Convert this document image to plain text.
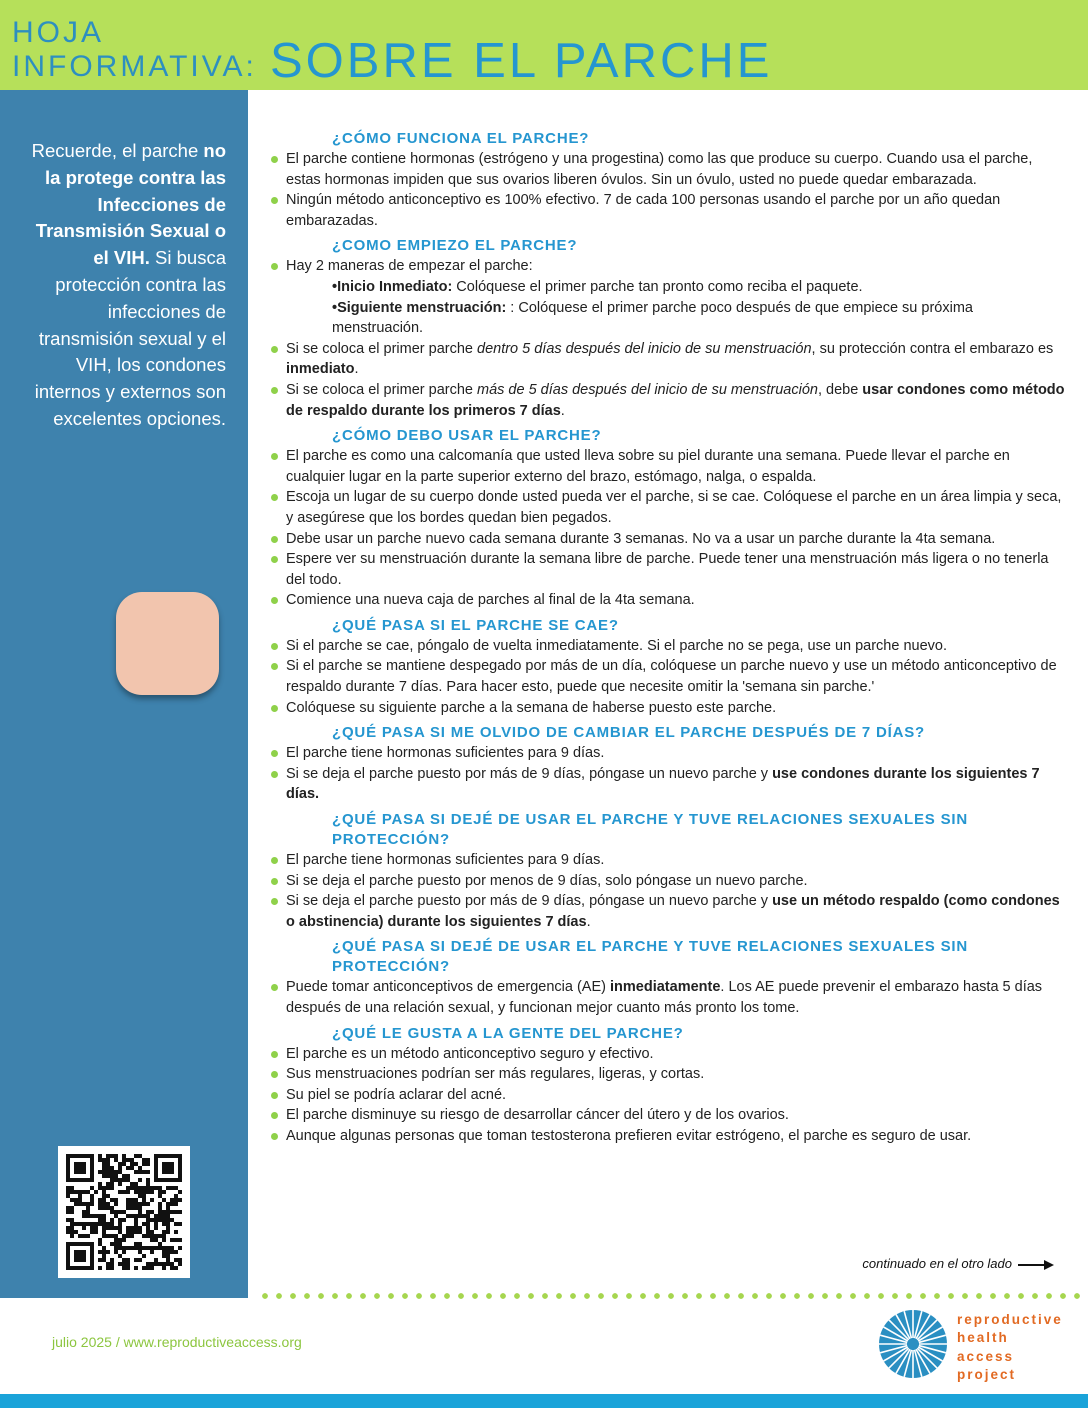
HOJA
INFORMATIVA: SOBRE EL PARCHE
Recuerde, el parche no la protege contra las Infecciones de Transmisión Sexual o el VIH. Si busca protección contra las infecciones de transmisión sexual y el VIH, los condones internos y externos son excelentes opciones.
¿CÓMO FUNCIONA EL PARCHE?
El parche contiene hormonas (estrógeno y una progestina) como las que produce su cuerpo. Cuando usa el parche, estas hormonas impiden que sus ovarios liberen óvulos. Sin un óvulo, usted no puede quedar embarazada.
Ningún método anticonceptivo es 100% efectivo. 7 de cada 100 personas usando el parche por un año quedan embarazadas.
¿COMO EMPIEZO EL PARCHE?
Hay 2 maneras de empezar el parche:
•Inicio Inmediato: Colóquese el primer parche tan pronto como reciba el paquete.
•Siguiente menstruación: : Colóquese el primer parche poco después de que empiece su próxima menstruación.
Si se coloca el primer parche dentro 5 días después del inicio de su menstruación, su protección contra el embarazo es inmediato.
Si se coloca el primer parche más de 5 días después del inicio de su menstruación, debe usar condones como método de respaldo durante los primeros 7 días.
¿CÓMO DEBO USAR EL PARCHE?
El parche es como una calcomanía que usted lleva sobre su piel durante una semana. Puede llevar el parche en cualquier lugar en la parte superior externo del brazo, estómago, nalga, o espalda.
Escoja un lugar de su cuerpo donde usted pueda ver el parche, si se cae. Colóquese el parche en un área limpia y seca, y asegúrese que los bordes quedan bien pegados.
Debe usar un parche nuevo cada semana durante 3 semanas. No va a usar un parche durante la 4ta semana.
Espere ver su menstruación durante la semana libre de parche. Puede tener una menstruación más ligera o no tenerla del todo.
Comience una nueva caja de parches al final de la 4ta semana.
¿QUÉ PASA SI EL PARCHE SE CAE?
Si el parche se cae, póngalo de vuelta inmediatamente. Si el parche no se pega, use un parche nuevo.
Si el parche se mantiene despegado por más de un día, colóquese un parche nuevo y use un método anticonceptivo de respaldo durante 7 días. Para hacer esto, puede que necesite omitir la 'semana sin parche.'
Colóquese su siguiente parche a la semana de haberse puesto este parche.
¿QUÉ PASA SI ME OLVIDO DE CAMBIAR EL PARCHE DESPUÉS DE 7 DÍAS?
El parche tiene hormonas suficientes para 9 días.
Si se deja el parche puesto por más de 9 días, póngase un nuevo parche y use condones durante los siguientes 7 días.
¿QUÉ PASA SI DEJÉ DE USAR EL PARCHE Y TUVE RELACIONES SEXUALES SIN PROTECCIÓN?
El parche tiene hormonas suficientes para 9 días.
Si se deja el parche puesto por menos de 9 días, solo póngase un nuevo parche.
Si se deja el parche puesto por más de 9 días, póngase un nuevo parche y use un método respaldo (como condones o abstinencia) durante los siguientes 7 días.
¿QUÉ PASA SI DEJÉ DE USAR EL PARCHE Y TUVE RELACIONES SEXUALES SIN PROTECCIÓN?
Puede tomar anticonceptivos de emergencia (AE) inmediatamente. Los AE puede prevenir el embarazo hasta 5 días después de una relación sexual, y funcionan mejor cuanto más pronto los tome.
¿QUÉ LE GUSTA A LA GENTE DEL PARCHE?
El parche es un método anticonceptivo seguro y efectivo.
Sus menstruaciones podrían ser más regulares, ligeras, y cortas.
Su piel se podría aclarar del acné.
El parche disminuye su riesgo de desarrollar cáncer del útero y de los ovarios.
Aunque algunas personas que toman testosterona prefieren evitar estrógeno, el parche es seguro de usar.
continuado en el otro lado
julio 2025 / www.reproductiveaccess.org
reproductive
health
access
project
